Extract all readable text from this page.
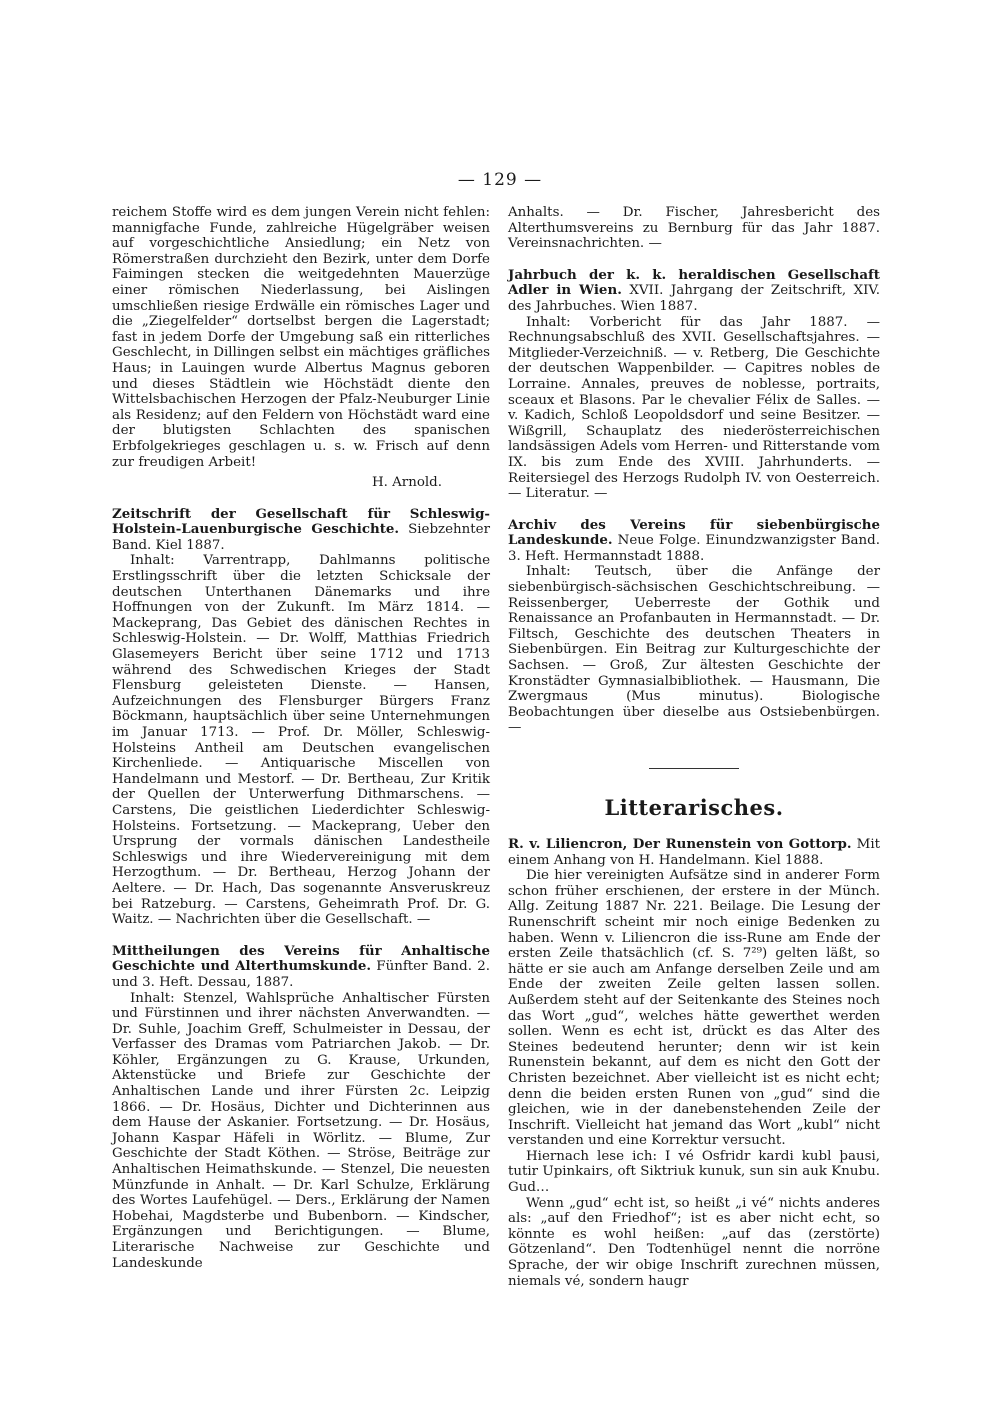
— 129 —

reichem Stoffe wird es dem jungen Verein nicht fehlen: mannigfache Funde, zahlreiche Hügelgräber weisen auf vorgeschichtliche Ansiedlung; ein Netz von Römerstraßen durchzieht den Bezirk, unter dem Dorfe Faimingen stecken die weitgedehnten Mauerzüge einer römischen Niederlassung, bei Aislingen umschließen riesige Erdwälle ein römisches Lager und die „Ziegelfelder“ dortselbst bergen die Lagerstadt; fast in jedem Dorfe der Umgebung saß ein ritterliches Geschlecht, in Dillingen selbst ein mächtiges gräfliches Haus; in Lauingen wurde Albertus Magnus geboren und dieses Städtlein wie Höchstädt diente den Wittelsbachischen Herzogen der Pfalz-Neuburger Linie als Residenz; auf den Feldern von Höchstädt ward eine der blutigsten Schlachten des spanischen Erbfolgekrieges geschlagen u. s. w. Frisch auf denn zur freudigen Arbeit!

H. Arnold.

Zeitschrift der Gesellschaft für Schleswig-Holstein-Lauenburgische Geschichte. Siebzehnter Band. Kiel 1887.

Inhalt: Varrentrapp, Dahlmanns politische Erstlingsschrift über die letzten Schicksale der deutschen Unterthanen Dänemarks und ihre Hoffnungen von der Zukunft. Im März 1814. — Mackeprang, Das Gebiet des dänischen Rechtes in Schleswig-Holstein. — Dr. Wolff, Matthias Friedrich Glasemeyers Bericht über seine 1712 und 1713 während des Schwedischen Krieges der Stadt Flensburg geleisteten Dienste. — Hansen, Aufzeichnungen des Flensburger Bürgers Franz Böckmann, hauptsächlich über seine Unternehmungen im Januar 1713. — Prof. Dr. Möller, Schleswig-Holsteins Antheil am Deutschen evangelischen Kirchenliede. — Antiquarische Miscellen von Handelmann und Mestorf. — Dr. Bertheau, Zur Kritik der Quellen der Unterwerfung Dithmarschens. — Carstens, Die geistlichen Liederdichter Schleswig-Holsteins. Fortsetzung. — Mackeprang, Ueber den Ursprung der vormals dänischen Landestheile Schleswigs und ihre Wiedervereinigung mit dem Herzogthum. — Dr. Bertheau, Herzog Johann der Aeltere. — Dr. Hach, Das sogenannte Ansveruskreuz bei Ratzeburg. — Carstens, Geheimrath Prof. Dr. G. Waitz. — Nachrichten über die Gesellschaft. —

Mittheilungen des Vereins für Anhaltische Geschichte und Alterthumskunde. Fünfter Band. 2. und 3. Heft. Dessau, 1887.

Inhalt: Stenzel, Wahlsprüche Anhaltischer Fürsten und Fürstinnen und ihrer nächsten Anverwandten. — Dr. Suhle, Joachim Greff, Schulmeister in Dessau, der Verfasser des Dramas vom Patriarchen Jakob. — Dr. Köhler, Ergänzungen zu G. Krause, Urkunden, Aktenstücke und Briefe zur Geschichte der Anhaltischen Lande und ihrer Fürsten 2c. Leipzig 1866. — Dr. Hosäus, Dichter und Dichterinnen aus dem Hause der Askanier. Fortsetzung. — Dr. Hosäus, Johann Kaspar Häfeli in Wörlitz. — Blume, Zur Geschichte der Stadt Köthen. — Ströse, Beiträge zur Anhaltischen Heimathskunde. — Stenzel, Die neuesten Münzfunde in Anhalt. — Dr. Karl Schulze, Erklärung des Wortes Laufehügel. — Ders., Erklärung der Namen Hobehai, Magdsterbe und Bubenborn. — Kindscher, Ergänzungen und Berichtigungen. — Blume, Literarische Nachweise zur Geschichte und Landeskunde

Anhalts. — Dr. Fischer, Jahresbericht des Alterthumsvereins zu Bernburg für das Jahr 1887. Vereinsnachrichten. —

Jahrbuch der k. k. heraldischen Gesellschaft Adler in Wien. XVII. Jahrgang der Zeitschrift, XIV. des Jahrbuches. Wien 1887.

Inhalt: Vorbericht für das Jahr 1887. — Rechnungsabschluß des XVII. Gesellschaftsjahres. — Mitglieder-Verzeichniß. — v. Retberg, Die Geschichte der deutschen Wappenbilder. — Capitres nobles de Lorraine. Annales, preuves de noblesse, portraits, sceaux et Blasons. Par le chevalier Félix de Salles. — v. Kadich, Schloß Leopoldsdorf und seine Besitzer. — Wißgrill, Schauplatz des niederösterreichischen landsässigen Adels vom Herren- und Ritterstande vom IX. bis zum Ende des XVIII. Jahrhunderts. — Reitersiegel des Herzogs Rudolph IV. von Oesterreich. — Literatur. —

Archiv des Vereins für siebenbürgische Landeskunde. Neue Folge. Einundzwanzigster Band. 3. Heft. Hermannstadt 1888.

Inhalt: Teutsch, über die Anfänge der siebenbürgisch-sächsischen Geschichtschreibung. — Reissenberger, Ueberreste der Gothik und Renaissance an Profanbauten in Hermannstadt. — Dr. Filtsch, Geschichte des deutschen Theaters in Siebenbürgen. Ein Beitrag zur Kulturgeschichte der Sachsen. — Groß, Zur ältesten Geschichte der Kronstädter Gymnasialbibliothek. — Hausmann, Die Zwergmaus (Mus minutus). Biologische Beobachtungen über dieselbe aus Ostsiebenbürgen. —

Litterarisches.

R. v. Liliencron, Der Runenstein von Gottorp. Mit einem Anhang von H. Handelmann. Kiel 1888.

Die hier vereinigten Aufsätze sind in anderer Form schon früher erschienen, der erstere in der Münch. Allg. Zeitung 1887 Nr. 221. Beilage. Die Lesung der Runenschrift scheint mir noch einige Bedenken zu haben. Wenn v. Liliencron die iss-Rune am Ende der ersten Zeile thatsächlich (cf. S. 7²⁹) gelten läßt, so hätte er sie auch am Anfange derselben Zeile und am Ende der zweiten Zeile gelten lassen sollen. Außerdem steht auf der Seitenkante des Steines noch das Wort „gud“, welches hätte gewerthet werden sollen. Wenn es echt ist, drückt es das Alter des Steines bedeutend herunter; denn wir ist kein Runenstein bekannt, auf dem es nicht den Gott der Christen bezeichnet. Aber vielleicht ist es nicht echt; denn die beiden ersten Runen von „gud“ sind die gleichen, wie in der danebenstehenden Zeile der Inschrift. Vielleicht hat jemand das Wort „kubl“ nicht verstanden und eine Korrektur versucht.

Hiernach lese ich: I vé Osfridr kardi kubl þausi, tutir Upinkairs, oft Siktriuk kunuk, sun sin auk Knubu. Gud…

Wenn „gud“ echt ist, so heißt „i vé“ nichts anderes als: „auf den Friedhof“; ist es aber nicht echt, so könnte es wohl heißen: „auf das (zerstörte) Götzenland“. Den Todtenhügel nennt die norröne Sprache, der wir obige Inschrift zurechnen müssen, niemals vé, sondern haugr
